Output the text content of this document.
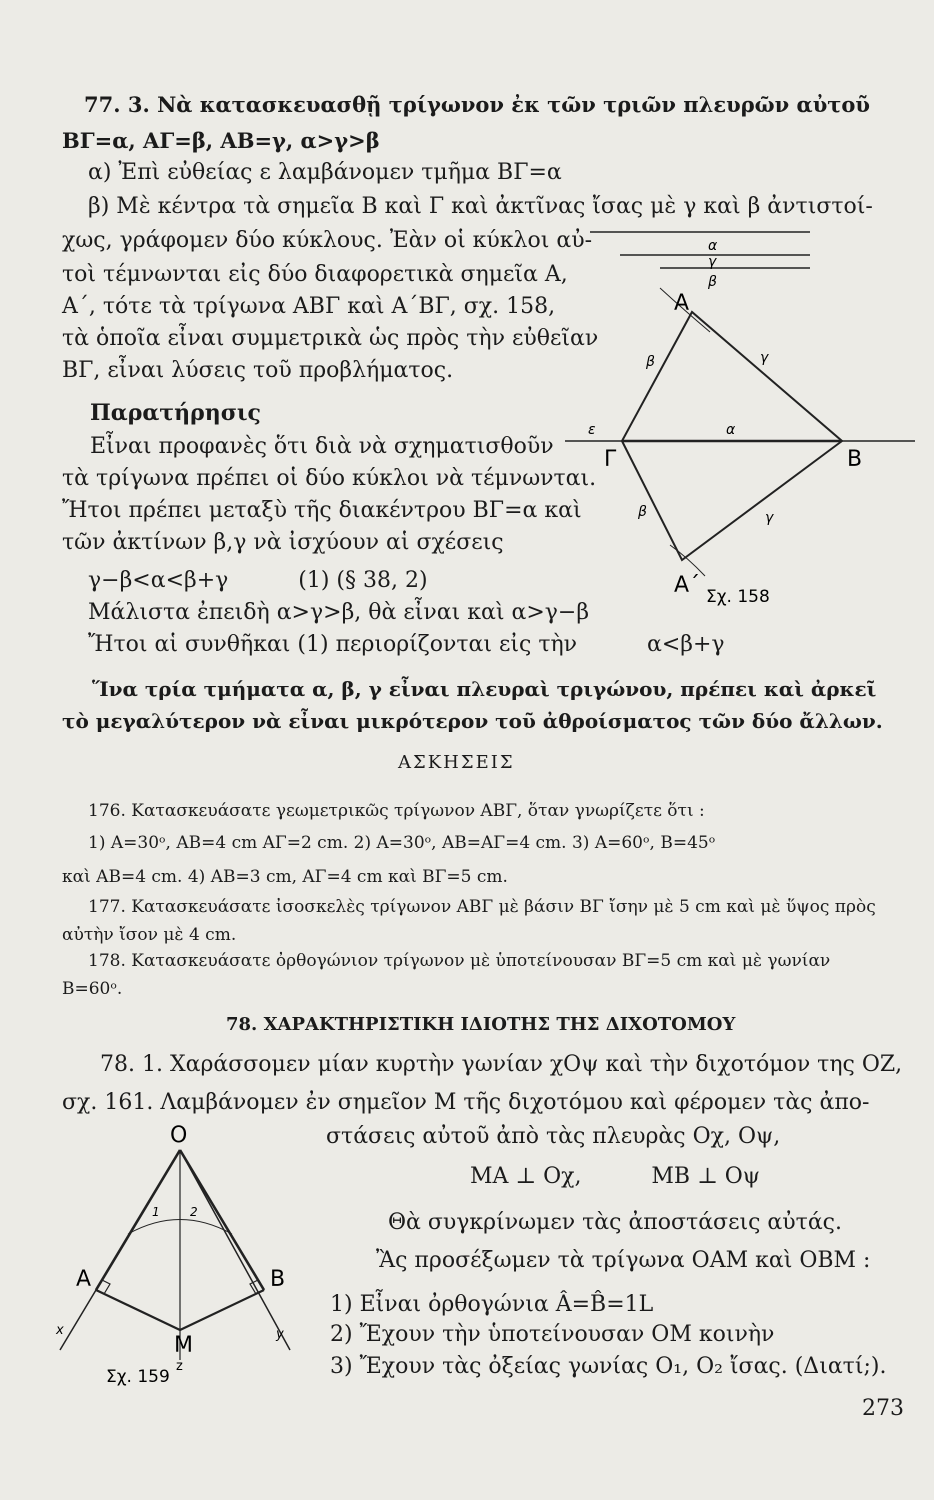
77. 3. Νὰ κατασκευασθῇ τρίγωνον ἐκ τῶν τριῶν πλευρῶν αὐτοῦ
ΒΓ=α, ΑΓ=β, ΑΒ=γ, α>γ>β
α) Ἐπὶ εὐθείας ε λαμβάνομεν τμῆμα ΒΓ=α
β) Μὲ κέντρα τὰ σημεῖα Β καὶ Γ καὶ ἀκτῖνας ἴσας μὲ γ καὶ β ἀντιστοί-
χως, γράφομεν δύο κύκλους. Ἐὰν οἱ κύκλοι αὐ-
τοὶ τέμνωνται εἰς δύο διαφορετικὰ σημεῖα Α,
Α΄, τότε τὰ τρίγωνα ΑΒΓ καὶ Α΄ΒΓ, σχ. 158,
τὰ ὁποῖα εἶναι συμμετρικὰ ὡς πρὸς τὴν εὐθεῖαν
ΒΓ, εἶναι λύσεις τοῦ προβλήματος.
Παρατήρησις
Εἶναι προφανὲς ὅτι διὰ νὰ σχηματισθοῦν
τὰ τρίγωνα πρέπει οἱ δύο κύκλοι νὰ τέμνωνται.
Ἤτοι πρέπει μεταξὺ τῆς διακέντρου ΒΓ=α καὶ
τῶν ἀκτίνων β,γ νὰ ἰσχύουν αἱ σχέσεις
γ−β<α<β+γ          (1) (§ 38, 2)
Μάλιστα ἐπειδὴ α>γ>β, θὰ εἶναι καὶ α>γ−β
Ἤτοι αἱ συνθῆκαι (1) περιορίζονται εἰς τὴν          α<β+γ
Ἵνα τρία τμήματα α, β, γ εἶναι πλευραὶ τριγώνου, πρέπει καὶ ἀρκεῖ
τὸ μεγαλύτερον νὰ εἶναι μικρότερον τοῦ ἀθροίσματος τῶν δύο ἄλλων.
ΑΣΚΗΣΕΙΣ
176. Κατασκευάσατε γεωμετρικῶς τρίγωνον ΑΒΓ, ὅταν γνωρίζετε ὅτι :
1) Α=30ᵒ, ΑΒ=4 cm ΑΓ=2 cm. 2) Α=30ᵒ, ΑΒ=ΑΓ=4 cm. 3) Α=60ᵒ, Β=45ᵒ
καὶ ΑΒ=4 cm. 4) ΑΒ=3 cm, ΑΓ=4 cm καὶ ΒΓ=5 cm.
177. Κατασκευάσατε ἰσοσκελὲς τρίγωνον ΑΒΓ μὲ βάσιν ΒΓ ἴσην μὲ 5 cm καὶ μὲ ὕψος πρὸς
αὐτὴν ἴσον μὲ 4 cm.
178. Κατασκευάσατε ὀρθογώνιον τρίγωνον μὲ ὑποτείνουσαν ΒΓ=5 cm καὶ μὲ γωνίαν
Β=60ᵒ.
78. ΧΑΡΑΚΤΗΡΙΣΤΙΚΗ ΙΔΙΟΤΗΣ ΤΗΣ ΔΙΧΟΤΟΜΟΥ
78. 1. Χαράσσομεν μίαν κυρτὴν γωνίαν χΟψ καὶ τὴν διχοτόμον της ΟΖ,
σχ. 161. Λαμβάνομεν ἐν σημεῖον Μ τῆς διχοτόμου καὶ φέρομεν τὰς ἀπο-
στάσεις αὐτοῦ ἀπὸ τὰς πλευρὰς Οχ, Οψ,
ΜΑ ⊥ Οχ,          ΜΒ ⊥ Οψ
Θὰ συγκρίνωμεν τὰς ἀποστάσεις αὐτάς.
Ἂς προσέξωμεν τὰ τρίγωνα ΟΑΜ καὶ ΟΒΜ :
1) Εἶναι ὀρθογώνια Â=B̂=1L
2) Ἔχουν τὴν ὑποτείνουσαν ΟΜ κοινὴν
3) Ἔχουν τὰς ὀξείας γωνίας Ο₁, Ο₂ ἴσας. (Διατί;).
α
γ
β
Α
Α΄
Β
Γ
ε	α
β
β
γ
γ
Σχ. 158
Ο
Α	Β
Μ
z
1	2
x	y
Σχ. 159
273
